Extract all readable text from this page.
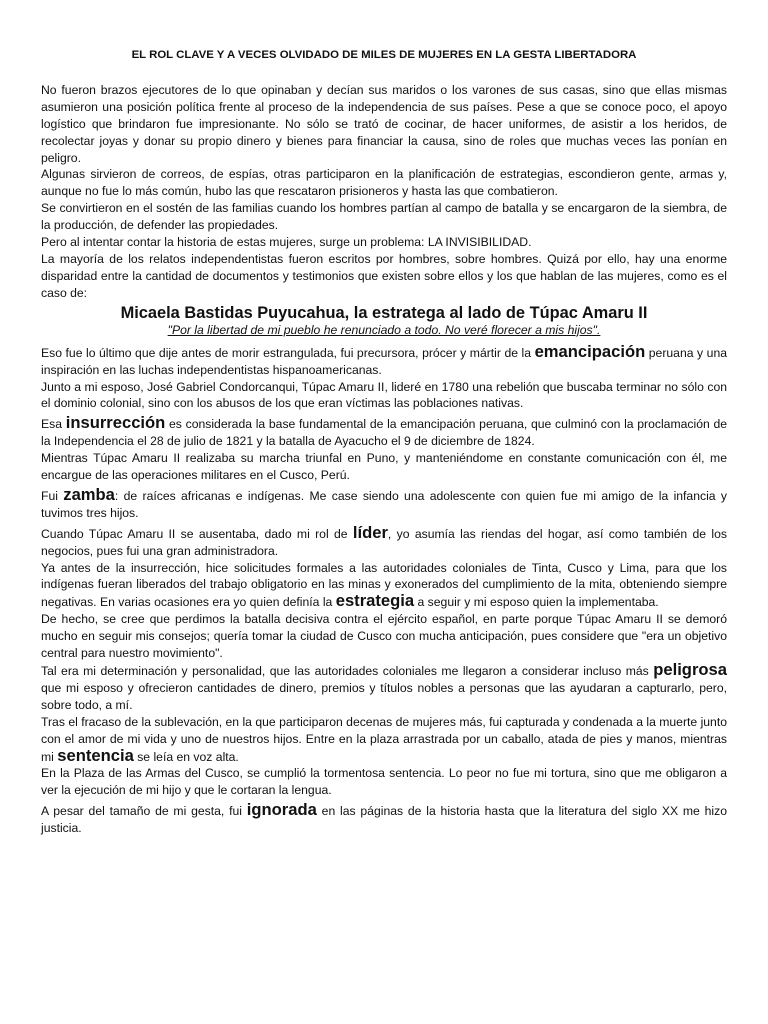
EL ROL CLAVE Y A VECES OLVIDADO DE MILES DE MUJERES EN LA GESTA LIBERTADORA

No fueron brazos ejecutores de lo que opinaban y decían sus maridos o los varones de sus casas, sino que ellas mismas asumieron una posición política frente al proceso de la independencia de sus países. Pese a que se conoce poco, el apoyo logístico que brindaron fue impresionante. No sólo se trató de cocinar, de hacer uniformes, de asistir a los heridos, de recolectar joyas y donar su propio dinero y bienes para financiar la causa, sino de roles que muchas veces las ponían en peligro.

Algunas sirvieron de correos, de espías, otras participaron en la planificación de estrategias, escondieron gente, armas y, aunque no fue lo más común, hubo las que rescataron prisioneros y hasta las que combatieron.

Se convirtieron en el sostén de las familias cuando los hombres partían al campo de batalla y se encargaron de la siembra, de la producción, de defender las propiedades.

Pero al intentar contar la historia de estas mujeres, surge un problema: LA INVISIBILIDAD.

La mayoría de los relatos independentistas fueron escritos por hombres, sobre hombres. Quizá por ello, hay una enorme disparidad entre la cantidad de documentos y testimonios que existen sobre ellos y los que hablan de las mujeres, como es el caso de:

Micaela Bastidas Puyucahua, la estratega al lado de Túpac Amaru II

"Por la libertad de mi pueblo he renunciado a todo. No veré florecer a mis hijos".

Eso fue lo último que dije antes de morir estrangulada, fui precursora, prócer y mártir de la emancipación peruana y una inspiración en las luchas independentistas hispanoamericanas.

Junto a mi esposo, José Gabriel Condorcanqui, Túpac Amaru II, lideré en 1780 una rebelión que buscaba terminar no sólo con el dominio colonial, sino con los abusos de los que eran víctimas las poblaciones nativas.

Esa insurrección es considerada la base fundamental de la emancipación peruana, que culminó con la proclamación de la Independencia el 28 de julio de 1821 y la batalla de Ayacucho el 9 de diciembre de 1824.

Mientras Túpac Amaru II realizaba su marcha triunfal en Puno, y manteniéndome en constante comunicación con él, me encargue de las operaciones militares en el Cusco, Perú.

Fui zamba: de raíces africanas e indígenas. Me case siendo una adolescente con quien fue mi amigo de la infancia y tuvimos tres hijos.

Cuando Túpac Amaru II se ausentaba, dado mi rol de líder, yo asumía las riendas del hogar, así como también de los negocios, pues fui una gran administradora.

Ya antes de la insurrección, hice solicitudes formales a las autoridades coloniales de Tinta, Cusco y Lima, para que los indígenas fueran liberados del trabajo obligatorio en las minas y exonerados del cumplimiento de la mita, obteniendo siempre negativas. En varias ocasiones era yo quien definía la estrategia a seguir y mi esposo quien la implementaba.

De hecho, se cree que perdimos la batalla decisiva contra el ejército español, en parte porque Túpac Amaru II se demoró mucho en seguir mis consejos; quería tomar la ciudad de Cusco con mucha anticipación, pues considere que "era un objetivo central para nuestro movimiento".

Tal era mi determinación y personalidad, que las autoridades coloniales me llegaron a considerar incluso más peligrosa que mi esposo y ofrecieron cantidades de dinero, premios y títulos nobles a personas que las ayudaran a capturarlo, pero, sobre todo, a mí.

Tras el fracaso de la sublevación, en la que participaron decenas de mujeres más, fui capturada y condenada a la muerte junto con el amor de mi vida y uno de nuestros hijos. Entre en la plaza arrastrada por un caballo, atada de pies y manos, mientras mi sentencia se leía en voz alta.

En la Plaza de las Armas del Cusco, se cumplió la tormentosa sentencia. Lo peor no fue mi tortura, sino que me obligaron a ver la ejecución de mi hijo y que le cortaran la lengua.

A pesar del tamaño de mi gesta, fui ignorada en las páginas de la historia hasta que la literatura del siglo XX me hizo justicia.
